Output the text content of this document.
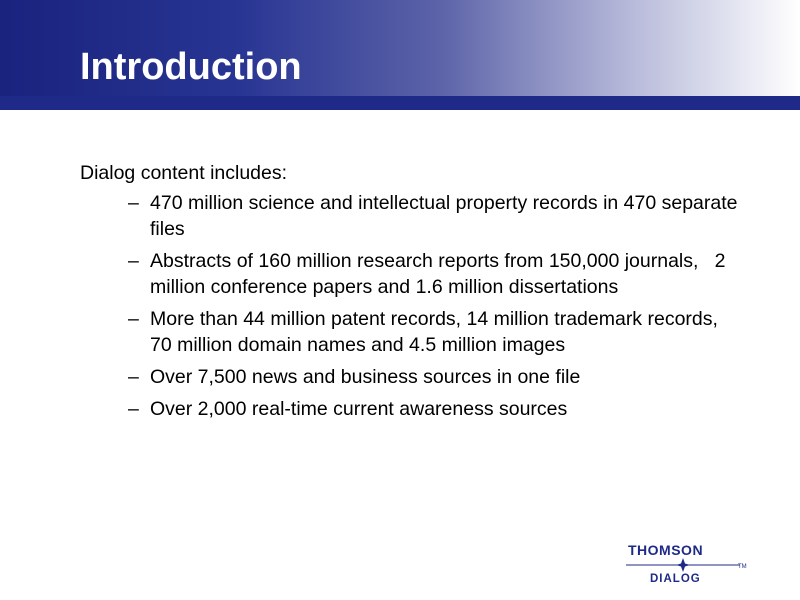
Introduction

Dialog content includes:

– 470 million science and intellectual property records in 470 separate files
– Abstracts of 160 million research reports from 150,000 journals,   2 million conference papers and 1.6 million dissertations
– More than 44 million patent records, 14 million trademark records, 70 million domain names and 4.5 million images
– Over 7,500 news and business sources in one file
– Over 2,000 real-time current awareness sources
THOMSON
DIALOG
TM
